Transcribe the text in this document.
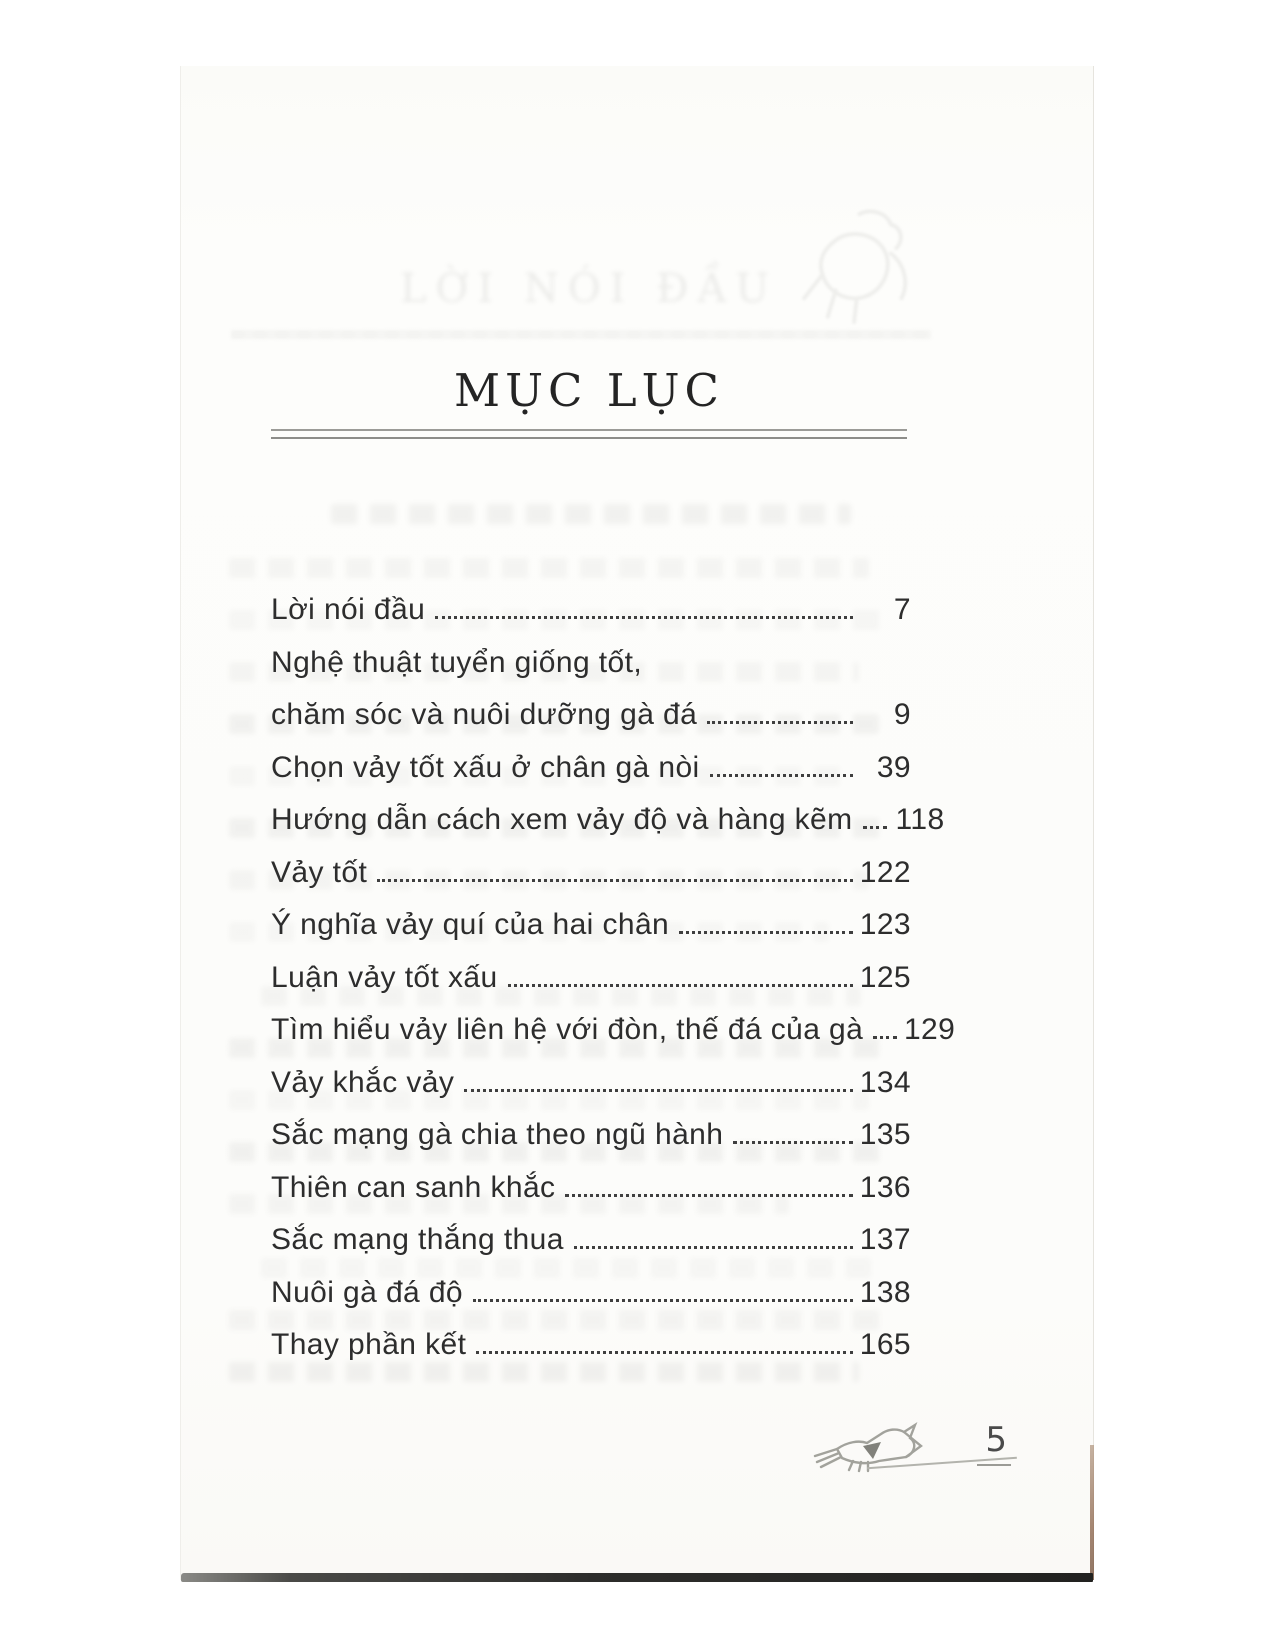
LỜI NÓI ĐẦU
MỤC LỤC
Lời nói đầu	7
Nghệ thuật tuyển giống tốt,
chăm sóc và nuôi dưỡng gà đá	9
Chọn vảy tốt xấu ở chân gà nòi	39
Hướng dẫn cách xem vảy độ và hàng kẽm 118
Vảy tốt	122
Ý nghĩa vảy quí của hai chân	123
Luận vảy tốt xấu	125
Tìm hiểu vảy liên hệ với đòn, thế đá của gà 129
Vảy khắc vảy	134
Sắc mạng gà chia theo ngũ hành	135
Thiên can sanh khắc	136
Sắc mạng thắng thua	137
Nuôi gà đá độ	138
Thay phần kết	165
5
